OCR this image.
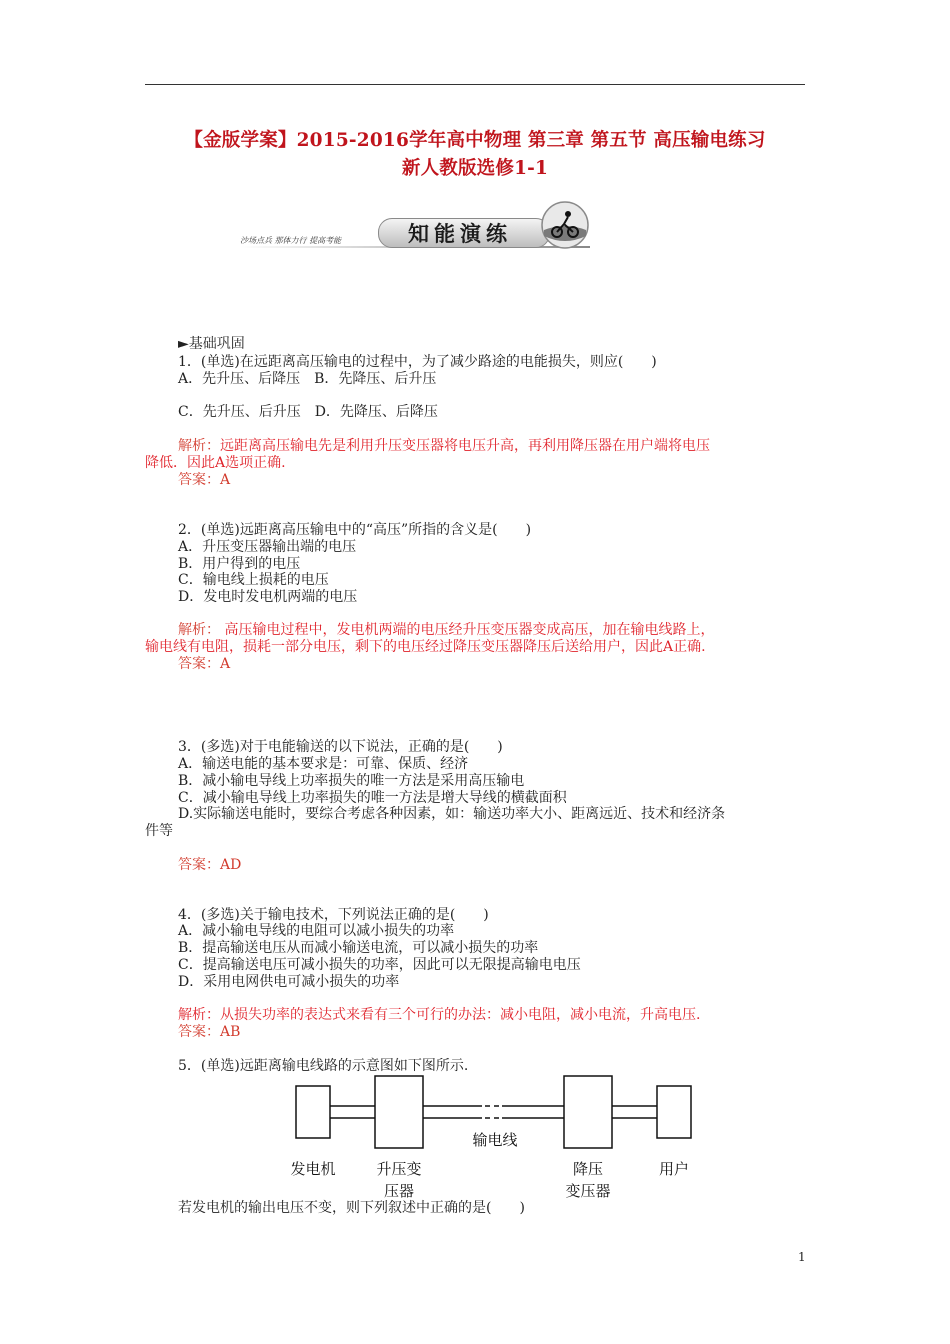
【金版学案】2015-2016学年高中物理 第三章 第五节 高压输电练习
新人教版选修1-1
沙场点兵 那体力行 提高考能	知能演练
►基础巩固
1．(单选)在远距离高压输电的过程中，为了减少路途的电能损失，则应(　　)
A．先升压、后降压　B．先降压、后升压
C．先升压、后升压　D．先降压、后降压
解析：远距离高压输电先是利用升压变压器将电压升高，再利用降压器在用户端将电压
降低．因此A选项正确.
答案：A
2．(单选)远距离高压输电中的“高压”所指的含义是(　　)
A．升压变压器输出端的电压
B．用户得到的电压
C．输电线上损耗的电压
D．发电时发电机两端的电压
解析： 高压输电过程中，发电机两端的电压经升压变压器变成高压，加在输电线路上，
输电线有电阻，损耗一部分电压，剩下的电压经过降压变压器降压后送给用户，因此A正确.
答案：A
3．(多选)对于电能输送的以下说法，正确的是(　　)
A．输送电能的基本要求是：可靠、保质、经济
B．减小输电导线上功率损失的唯一方法是采用高压输电
C．减小输电导线上功率损失的唯一方法是增大导线的横截面积
D.实际输送电能时，要综合考虑各种因素，如：输送功率大小、距离远近、技术和经济条
件等
答案：AD
4．(多选)关于输电技术，下列说法正确的是(　　)
A．减小输电导线的电阻可以减小损失的功率
B．提高输送电压从而减小输送电流，可以减小损失的功率
C．提高输送电压可减小损失的功率，因此可以无限提高输电电压
D．采用电网供电可减小损失的功率
解析：从损失功率的表达式来看有三个可行的办法：减小电阻，减小电流，升高电压.
答案：AB
5．(单选)远距离输电线路的示意图如下图所示.
输电线
发电机	升压变
压器
降压
变压器
用户
若发电机的输出电压不变，则下列叙述中正确的是(　　)
1
